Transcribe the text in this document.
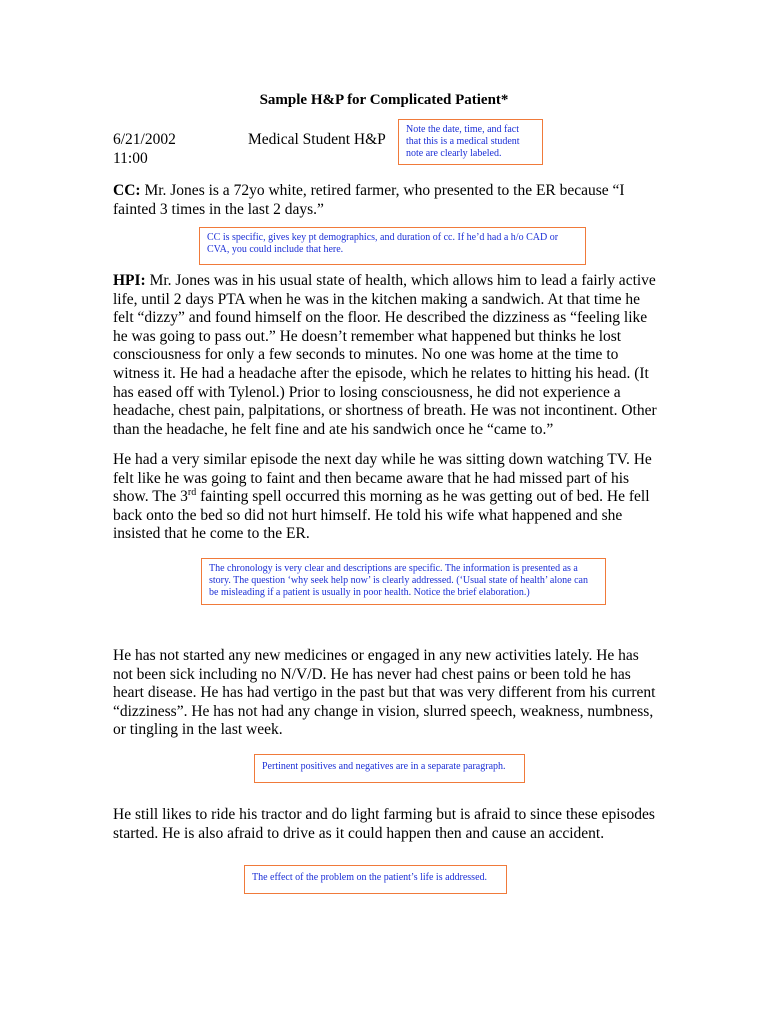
Sample H&P for Complicated Patient*
6/21/2002
11:00
Medical Student H&P
Note the date, time, and fact that this is a medical student note are clearly labeled.
CC: Mr. Jones is a 72yo white, retired farmer, who presented to the ER because “I fainted 3 times in the last 2 days.”
CC is specific, gives key pt demographics, and duration of cc. If he’d had a h/o CAD or CVA, you could include that here.
HPI: Mr. Jones was in his usual state of health, which allows him to lead a fairly active life, until 2 days PTA when he was in the kitchen making a sandwich. At that time he felt “dizzy” and found himself on the floor. He described the dizziness as “feeling like he was going to pass out.” He doesn’t remember what happened but thinks he lost consciousness for only a few seconds to minutes. No one was home at the time to witness it. He had a headache after the episode, which he relates to hitting his head. (It has eased off with Tylenol.) Prior to losing consciousness, he did not experience a headache, chest pain, palpitations, or shortness of breath. He was not incontinent. Other than the headache, he felt fine and ate his sandwich once he “came to.”
He had a very similar episode the next day while he was sitting down watching TV. He felt like he was going to faint and then became aware that he had missed part of his show. The 3rd fainting spell occurred this morning as he was getting out of bed. He fell back onto the bed so did not hurt himself. He told his wife what happened and she insisted that he come to the ER.
The chronology is very clear and descriptions are specific. The information is presented as a story. The question ‘why seek help now’ is clearly addressed. (‘Usual state of health’ alone can be misleading if a patient is usually in poor health. Notice the brief elaboration.)
He has not started any new medicines or engaged in any new activities lately. He has not been sick including no N/V/D. He has never had chest pains or been told he has heart disease. He has had vertigo in the past but that was very different from his current “dizziness”. He has not had any change in vision, slurred speech, weakness, numbness, or tingling in the last week.
Pertinent positives and negatives are in a separate paragraph.
He still likes to ride his tractor and do light farming but is afraid to since these episodes started. He is also afraid to drive as it could happen then and cause an accident.
The effect of the problem on the patient’s life is addressed.
